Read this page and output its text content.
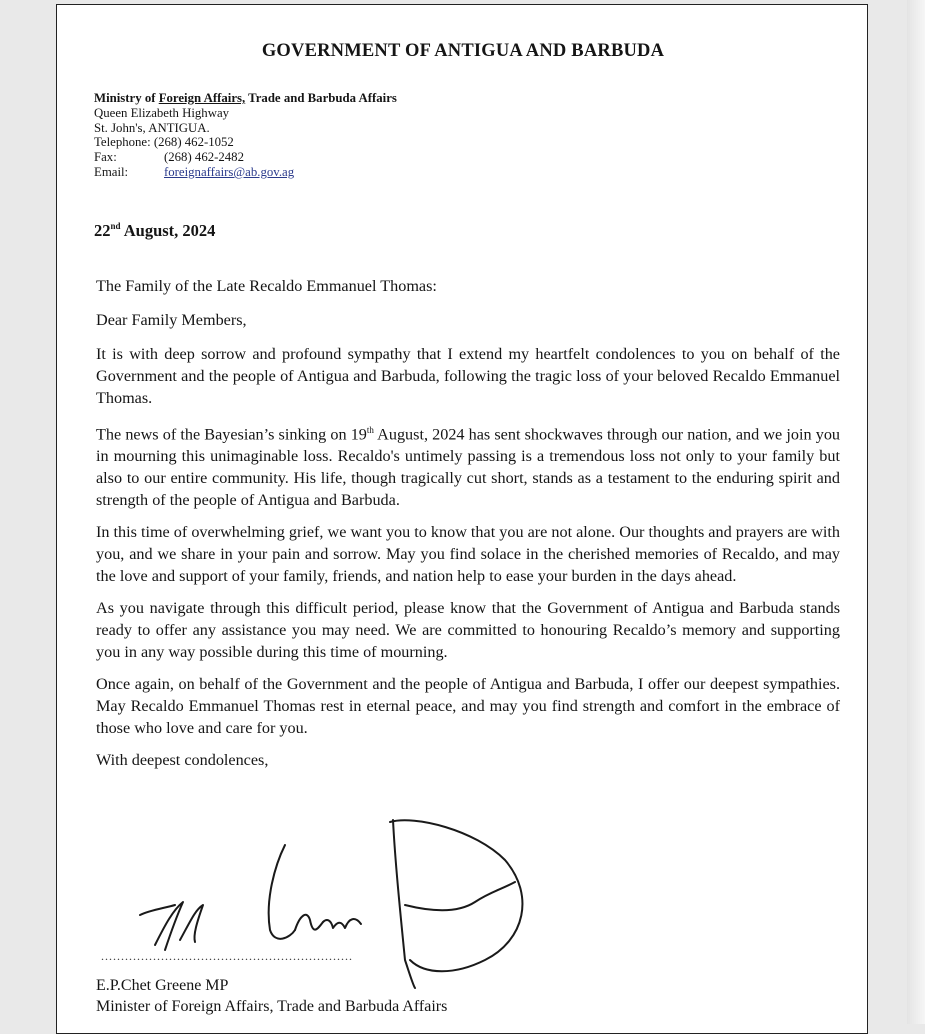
GOVERNMENT OF ANTIGUA AND BARBUDA
Ministry of Foreign Affairs, Trade and Barbuda Affairs
Queen Elizabeth Highway
St. John's, ANTIGUA.
Telephone: (268) 462-1052
Fax:	(268) 462-2482
Email:	foreignaffairs@ab.gov.ag
22nd August, 2024

The Family of the Late Recaldo Emmanuel Thomas:

Dear Family Members,

It is with deep sorrow and profound sympathy that I extend my heartfelt condolences to you on behalf of the Government and the people of Antigua and Barbuda, following the tragic loss of your beloved Recaldo Emmanuel Thomas.

The news of the Bayesian’s sinking on 19th August, 2024 has sent shockwaves through our nation, and we join you in mourning this unimaginable loss. Recaldo's untimely passing is a tremendous loss not only to your family but also to our entire community. His life, though tragically cut short, stands as a testament to the enduring spirit and strength of the people of Antigua and Barbuda.

In this time of overwhelming grief, we want you to know that you are not alone. Our thoughts and prayers are with you, and we share in your pain and sorrow. May you find solace in the cherished memories of Recaldo, and may the love and support of your family, friends, and nation help to ease your burden in the days ahead.

As you navigate through this difficult period, please know that the Government of Antigua and Barbuda stands ready to offer any assistance you may need. We are committed to honouring Recaldo’s memory and supporting you in any way possible during this time of mourning.

Once again, on behalf of the Government and the people of Antigua and Barbuda, I offer our deepest sympathies. May Recaldo Emmanuel Thomas rest in eternal peace, and may you find strength and comfort in the embrace of those who love and care for you.

With deepest condolences,

...............................................................
E.P.Chet Greene MP
Minister of Foreign Affairs, Trade and Barbuda Affairs
